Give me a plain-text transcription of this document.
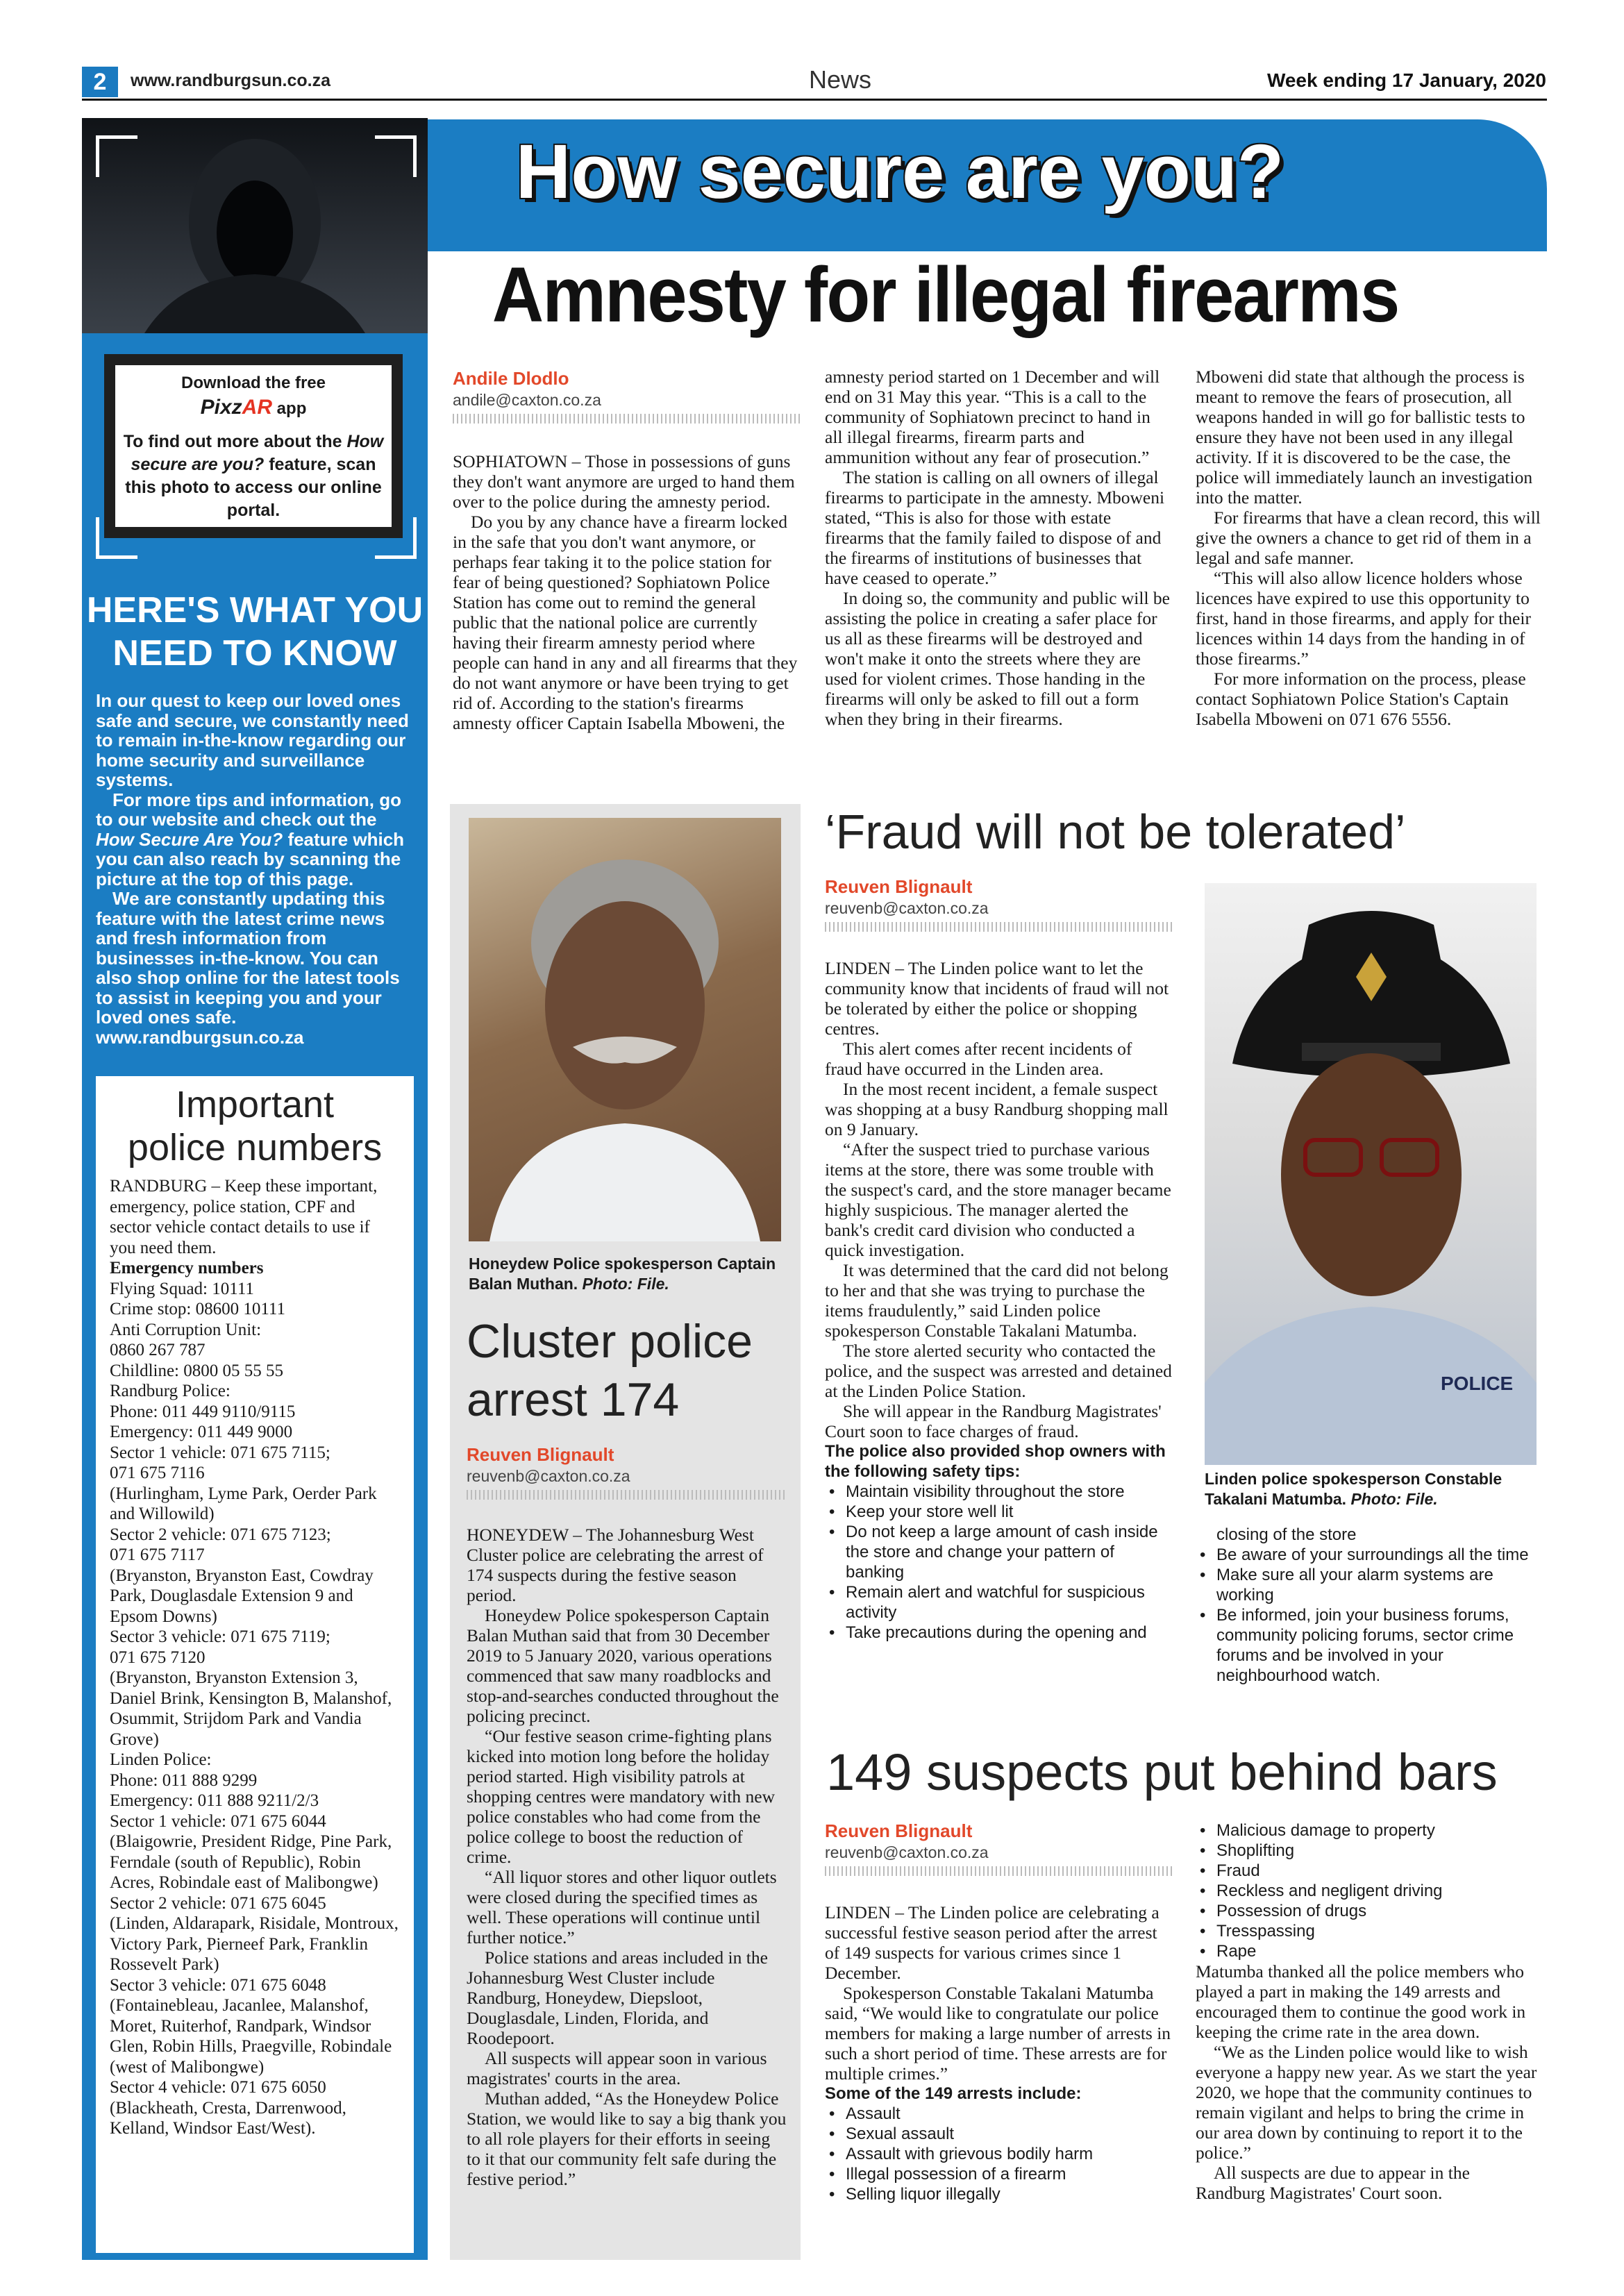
2	www.randburgsun.co.za	News	Week ending 17 January, 2020
Download the free
PixzAR app
To find out more about the How secure are you? feature, scan this photo to access our online portal.
HERE'S WHAT YOU
NEED TO KNOW

In our quest to keep our loved ones safe and secure, we constantly need to remain in-the-know regarding our home security and surveillance systems.

For more tips and information, go to our website and check out the How Secure Are You? feature which you can also reach by scanning the picture at the top of this page.

We are constantly updating this feature with the latest crime news and fresh information from businesses in-the-know. You can also shop online for the latest tools to assist in keeping you and your loved ones safe.

www.randburgsun.co.za

Important
police numbers
RANDBURG – Keep these important, emergency, police station, CPF and sector vehicle contact details to use if you need them.
Emergency numbers
Flying Squad: 10111
Crime stop: 08600 10111
Anti Corruption Unit:
0860 267 787
Childline: 0800 05 55 55
Randburg Police:
Phone: 011 449 9110/9115
Emergency: 011 449 9000
Sector 1 vehicle: 071 675 7115;
071 675 7116
(Hurlingham, Lyme Park, Oerder Park and Willowild)
Sector 2 vehicle: 071 675 7123;
071 675 7117
(Bryanston, Bryanston East, Cowdray Park, Douglasdale Extension 9 and Epsom Downs)
Sector 3 vehicle: 071 675 7119;
071 675 7120
(Bryanston, Bryanston Extension 3, Daniel Brink, Kensington B, Malanshof, Osummit, Strijdom Park and Vandia Grove)
Linden Police:
Phone: 011 888 9299
Emergency: 011 888 9211/2/3
Sector 1 vehicle: 071 675 6044
(Blaigowrie, President Ridge, Pine Park, Ferndale (south of Republic), Robin Acres, Robindale east of Malibongwe)
Sector 2 vehicle: 071 675 6045
(Linden, Aldarapark, Risidale, Montroux, Victory Park, Pierneef Park, Franklin Rossevelt Park)
Sector 3 vehicle: 071 675 6048
(Fontainebleau, Jacanlee, Malanshof, Moret, Ruiterhof, Randpark, Windsor Glen, Robin Hills, Praegville, Robindale (west of Malibongwe)
Sector 4 vehicle: 071 675 6050
(Blackheath, Cresta, Darrenwood, Kelland, Windsor East/West).
How secure are you?
Amnesty for illegal firearms
Andile Dlodlo
andile@caxton.co.za

SOPHIATOWN – Those in possessions of guns they don't want anymore are urged to hand them over to the police during the amnesty period.

Do you by any chance have a firearm locked in the safe that you don't want anymore, or perhaps fear taking it to the police station for fear of being questioned? Sophiatown Police Station has come out to remind the general public that the national police are currently having their firearm amnesty period where people can hand in any and all firearms that they do not want anymore or have been trying to get rid of. According to the station's firearms amnesty officer Captain Isabella Mboweni, the

amnesty period started on 1 December and will end on 31 May this year. “This is a call to the community of Sophiatown precinct to hand in all illegal firearms, firearm parts and ammunition without any fear of prosecution.”

The station is calling on all owners of illegal firearms to participate in the amnesty. Mboweni stated, “This is also for those with estate firearms that the family failed to dispose of and the firearms of institutions of businesses that have ceased to operate.”

In doing so, the community and public will be assisting the police in creating a safer place for us all as these firearms will be destroyed and won't make it onto the streets where they are used for violent crimes. Those handing in the firearms will only be asked to fill out a form when they bring in their firearms.

Mboweni did state that although the process is meant to remove the fears of prosecution, all weapons handed in will go for ballistic tests to ensure they have not been used in any illegal activity. If it is discovered to be the case, the police will immediately launch an investigation into the matter.

For firearms that have a clean record, this will give the owners a chance to get rid of them in a legal and safe manner.

“This will also allow licence holders whose licences have expired to use this opportunity to first, hand in those firearms, and apply for their licences within 14 days from the handing in of those firearms.”

For more information on the process, please contact Sophiatown Police Station's Captain Isabella Mboweni on 071 676 5556.

Honeydew Police spokesperson Captain Balan Muthan. Photo: File.
Cluster police
arrest 174
Reuven Blignault
reuvenb@caxton.co.za

HONEYDEW – The Johannesburg West Cluster police are celebrating the arrest of 174 suspects during the festive season period.

Honeydew Police spokesperson Captain Balan Muthan said that from 30 December 2019 to 5 January 2020, various operations commenced that saw many roadblocks and stop-and-searches conducted throughout the policing precinct.

“Our festive season crime-fighting plans kicked into motion long before the holiday period started. High visibility patrols at shopping centres were mandatory with new police constables who had come from the police college to boost the reduction of crime.

“All liquor stores and other liquor outlets were closed during the specified times as well. These operations will continue until further notice.”

Police stations and areas included in the Johannesburg West Cluster include Randburg, Honeydew, Diepsloot, Douglasdale, Linden, Florida, and Roodepoort.

All suspects will appear soon in various magistrates' courts in the area.

Muthan added, “As the Honeydew Police Station, we would like to say a big thank you to all role players for their efforts in seeing to it that our community felt safe during the festive period.”

‘Fraud will not be tolerated’
Reuven Blignault
reuvenb@caxton.co.za

LINDEN – The Linden police want to let the community know that incidents of fraud will not be tolerated by either the police or shopping centres.

This alert comes after recent incidents of fraud have occurred in the Linden area.

In the most recent incident, a female suspect was shopping at a busy Randburg shopping mall on 9 January.

“After the suspect tried to purchase various items at the store, there was some trouble with the suspect's card, and the store manager became highly suspicious. The manager alerted the bank's credit card division who conducted a quick investigation.

It was determined that the card did not belong to her and that she was trying to purchase the items fraudulently,” said Linden police spokesperson Constable Takalani Matumba.

The store alerted security who contacted the police, and the suspect was arrested and detained at the Linden Police Station.

She will appear in the Randburg Magistrates' Court soon to face charges of fraud.

The police also provided shop owners with the following safety tips:
• Maintain visibility throughout the store
• Keep your store well lit
• Do not keep a large amount of cash inside the store and change your pattern of banking
• Remain alert and watchful for suspicious activity
• Take precautions during the opening and
POLICE
Linden police spokesperson Constable Takalani Matumba. Photo: File.
closing of the store
• Be aware of your surroundings all the time
• Make sure all your alarm systems are working
• Be informed, join your business forums, community policing forums, sector crime forums and be involved in your neighbourhood watch.
149 suspects put behind bars
Reuven Blignault
reuvenb@caxton.co.za

LINDEN – The Linden police are celebrating a successful festive season period after the arrest of 149 suspects for various crimes since 1 December.

Spokesperson Constable Takalani Matumba said, “We would like to congratulate our police members for making a large number of arrests in such a short period of time. These arrests are for multiple crimes.”

Some of the 149 arrests include:
• Assault
• Sexual assault
• Assault with grievous bodily harm
• Illegal possession of a firearm
• Selling liquor illegally
• Malicious damage to property
• Shoplifting
• Fraud
• Reckless and negligent driving
• Possession of drugs
• Tresspassing
• Rape

Matumba thanked all the police members who played a part in making the 149 arrests and encouraged them to continue the good work in keeping the crime rate in the area down.

“We as the Linden police would like to wish everyone a happy new year. As we start the year 2020, we hope that the community continues to remain vigilant and helps to bring the crime in our area down by continuing to report it to the police.”

All suspects are due to appear in the Randburg Magistrates' Court soon.
